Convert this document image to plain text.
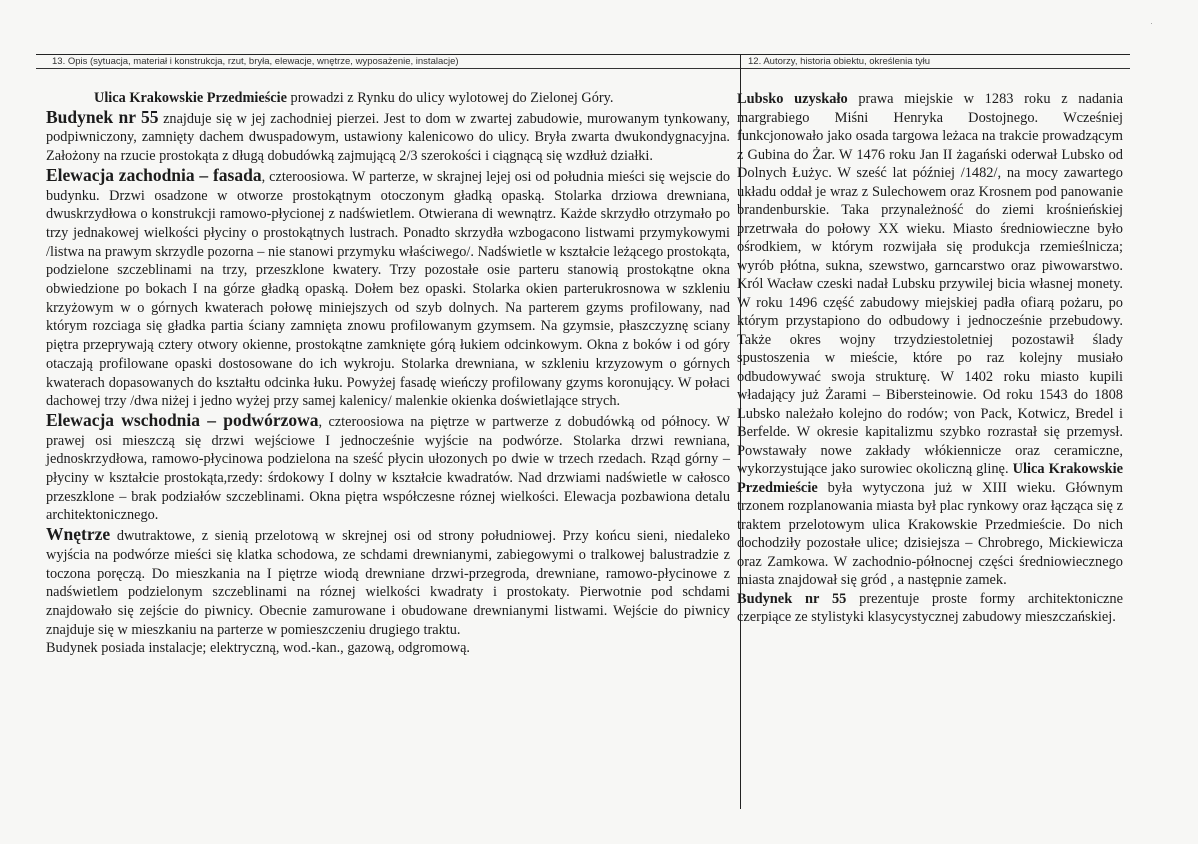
·
13. Opis (sytuacja, materiał i konstrukcja, rzut, bryła, elewacje, wnętrze, wyposażenie, instalacje)	12. Autorzy, historia obiektu, określenia tyłu

Ulica Krakowskie Przedmieście prowadzi z Rynku do ulicy wylotowej do Zielonej Góry.

Budynek nr 55 znajduje się w jej zachodniej pierzei. Jest to dom w zwartej zabudowie, murowanym tynkowany, podpiwniczony, zamnięty dachem dwuspadowym, ustawiony kalenicowo do ulicy. Bryła zwarta dwukondygnacyjna. Założony na rzucie prostokąta z długą dobudówką zajmującą 2/3 szerokości i ciągnącą się wzdłuż działki.

Elewacja zachodnia – fasada, czteroosiowa. W parterze, w skrajnej lejej osi od południa mieści się wejscie do budynku. Drzwi osadzone w otworze prostokątnym otoczonym gładką opaską. Stolarka drziowa drewniana, dwuskrzydłowa o konstrukcji ramowo-płycionej z nadświetlem. Otwierana di wewnątrz. Każde skrzydło otrzymało po trzy jednakowej wielkości płyciny o prostokątnych lustrach. Ponadto skrzydła wzbogacono listwami przymykowymi /listwa na prawym skrzydle pozorna – nie stanowi przymyku właściwego/. Nadświetle w kształcie leżącego prostokąta, podzielone szczeblinami na trzy, przeszklone kwatery. Trzy pozostałe osie parteru stanowią prostokątne okna obwiedzione po bokach I na górze gładką opaską. Dołem bez opaski. Stolarka okien parterukrosnowa w szkleniu krzyżowym w o górnych kwaterach połowę miniejszych od szyb dolnych. Na parterem gzyms profilowany, nad którym rozciaga się gładka partia ściany zamnięta znowu profilowanym gzymsem. Na gzymsie, płaszczyznę sciany piętra przeprywają cztery otwory okienne, prostokątne zamknięte górą łukiem odcinkowym. Okna z boków i od góry otaczają profilowane opaski dostosowane do ich wykroju. Stolarka drewniana, w szkleniu krzyzowym o górnych kwaterach dopasowanych do kształtu odcinka łuku. Powyżej fasadę wieńczy profilowany gzyms koronujący. W połaci dachowej trzy /dwa niżej i jedno wyżej przy samej kalenicy/ malenkie okienka doświetlające strych.

Elewacja wschodnia – podwórzowa, czteroosiowa na piętrze w partwerze z dobudówką od północy. W prawej osi mieszczą się drzwi wejściowe I jednocześnie wyjście na podwórze. Stolarka drzwi rewniana, jednoskrzydłowa, ramowo-płycinowa podzielona na sześć płycin ułozonych po dwie w trzech rzedach. Rząd górny – płyciny w kształcie prostokąta,rzedy: śrdokowy I dolny w kształcie kwadratów. Nad drzwiami nadświetle w całosco przeszklone – brak podziałów szczeblinami. Okna piętra współczesne róznej wielkości. Elewacja pozbawiona detalu architektonicznego.

Wnętrze dwutraktowe, z sienią przelotową w skrejnej osi od strony południowej. Przy końcu sieni, niedaleko wyjścia na podwórze mieści się klatka schodowa, ze schdami drewnianymi, zabiegowymi o tralkowej balustradzie z toczona poręczą. Do mieszkania na I piętrze wiodą drewniane drzwi-przegroda, drewniane, ramowo-płycinowe z nadświetlem podzielonym szczeblinami na róznej wielkości kwadraty i prostokaty. Pierwotnie pod schdami znajdowało się zejście do piwnicy. Obecnie zamurowane i obudowane drewnianymi listwami. Wejście do piwnicy znajduje się w mieszkaniu na parterze w pomieszczeniu drugiego traktu.

Budynek posiada instalacje; elektryczną, wod.-kan., gazową, odgromową.

Lubsko uzyskało prawa miejskie w 1283 roku z nadania margrabiego Miśni Henryka Dostojnego. Wcześniej funkcjonowało jako osada targowa leżaca na trakcie prowadzącym z Gubina do Żar. W 1476 roku Jan II żagański oderwał Lubsko od Dolnych Łużyc. W sześć lat później /1482/, na mocy zawartego układu oddał je wraz z Sulechowem oraz Krosnem pod panowanie brandenburskie. Taka przynależność do ziemi krośnieńskiej przetrwała do połowy XX wieku. Miasto średniowieczne było ośrodkiem, w którym rozwijała się produkcja rzemieślnicza; wyrób płótna, sukna, szewstwo, garncarstwo oraz piwowarstwo. Król Wacław czeski nadał Lubsku przywilej bicia własnej monety. W roku 1496 część zabudowy miejskiej padła ofiarą pożaru, po którym przystapiono do odbudowy i jednocześnie przebudowy. Także okres wojny trzydziestoletniej pozostawił ślady spustoszenia w mieście, które po raz kolejny musiało odbudowywać swoja strukturę. W 1402 roku miasto kupili władający już Żarami – Bibersteinowie. Od roku 1543 do 1808 Lubsko należało kolejno do rodów; von Pack, Kotwicz, Bredel i Berfelde. W okresie kapitalizmu szybko rozrastał się przemysł. Powstawały nowe zakłady włókiennicze oraz ceramiczne, wykorzystujące jako surowiec okoliczną glinę. Ulica Krakowskie Przedmieście była wytyczona już w XIII wieku. Głównym trzonem rozplanowania miasta był plac rynkowy oraz łącząca się z traktem przelotowym ulica Krakowskie Przedmieście. Do nich dochodziły pozostałe ulice; dzisiejsza – Chrobrego, Mickiewicza oraz Zamkowa. W zachodnio-północnej części średniowiecznego miasta znajdował się gród , a następnie zamek.

Budynek nr 55 prezentuje proste formy architektoniczne czerpiące ze stylistyki klasycystycznej zabudowy mieszczańskiej.
